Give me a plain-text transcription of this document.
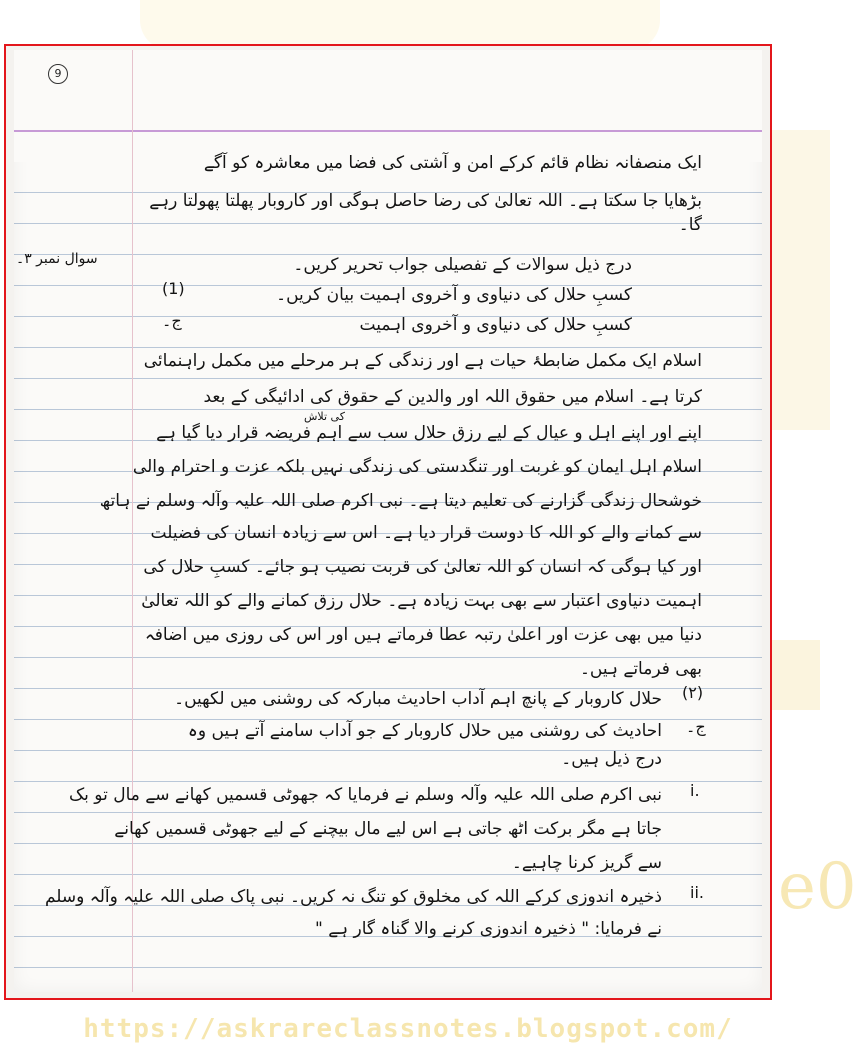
e0
9
ایک منصفانہ نظام قائم کرکے امن و آشتی کی فضا میں معاشرہ کو آگے
بڑھایا جا سکتا ہے۔ اللہ تعالیٰ کی رضا حاصل ہوگی اور کاروبار پھلتا پھولتا رہے
گا۔
سوال نمبر ۳۔	درج ذیل سوالات کے تفصیلی جواب تحریر کریں۔
(1)	کسبِ حلال کی دنیاوی و آخروی اہمیت بیان کریں۔
ج۔	کسبِ حلال کی دنیاوی و آخروی اہمیت
اسلام ایک مکمل ضابطۂ حیات ہے اور زندگی کے ہر مرحلے میں مکمل راہنمائی
کرتا ہے۔ اسلام میں حقوق اللہ اور والدین کے حقوق کی ادائیگی کے بعد
کی تلاش
اپنے اور اپنے اہل و عیال کے لیے رزق حلال سب سے اہم فریضہ قرار دیا گیا ہے
اسلام اہل ایمان کو غربت اور تنگدستی کی زندگی نہیں بلکہ عزت و احترام والی
خوشحال زندگی گزارنے کی تعلیم دیتا ہے۔ نبی اکرم صلی اللہ علیہ وآلہ وسلم نے ہاتھ
سے کمانے والے کو اللہ کا دوست قرار دیا ہے۔ اس سے زیادہ انسان کی فضیلت
اور کیا ہوگی کہ انسان کو اللہ تعالیٰ کی قربت نصیب ہو جائے۔ کسبِ حلال کی
اہمیت دنیاوی اعتبار سے بھی بہت زیادہ ہے۔ حلال رزق کمانے والے کو اللہ تعالیٰ
دنیا میں بھی عزت اور اعلیٰ رتبہ عطا فرماتے ہیں اور اس کی روزی میں اضافہ
بھی فرماتے ہیں۔
(۲)
حلال کاروبار کے پانچ اہم آداب احادیث مبارکہ کی روشنی میں لکھیں۔
ج۔
احادیث کی روشنی میں حلال کاروبار کے جو آداب سامنے آتے ہیں وہ
درج ذیل ہیں۔
i.
نبی اکرم صلی اللہ علیہ وآلہ وسلم نے فرمایا کہ جھوٹی قسمیں کھانے سے مال تو بک
جاتا ہے مگر برکت اٹھ جاتی ہے اس لیے مال بیچنے کے لیے جھوٹی قسمیں کھانے
سے گریز کرنا چاہیے۔
ii.
ذخیرہ اندوزی کرکے اللہ کی مخلوق کو تنگ نہ کریں۔ نبی پاک صلی اللہ علیہ وآلہ وسلم
نے فرمایا: " ذخیرہ اندوزی کرنے والا گناہ گار ہے "
https://askrareclassnotes.blogspot.com/
